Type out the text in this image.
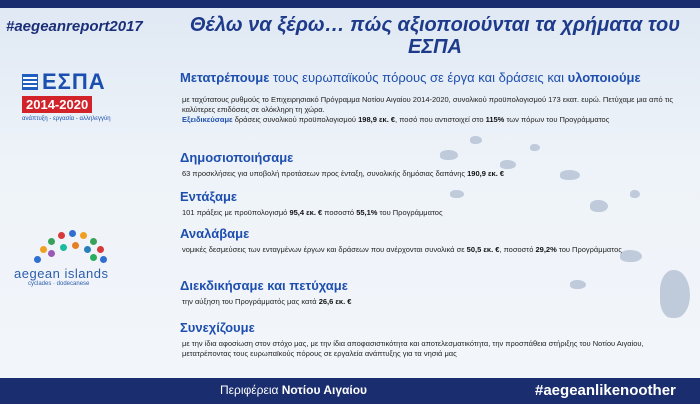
#aegeanreport2017	Θέλω να ξέρω… πώς αξιοποιούνται τα χρήματα του ΕΣΠΑ
ΕΣΠΑ
2014-2020
ανάπτυξη - εργασία - αλληλεγγύη
aegean islands
cyclades · dodecanese

Μετατρέπουμε τους ευρωπαϊκούς πόρους σε έργα και δράσεις και υλοποιούμε

με ταχύτατους ρυθμούς το Επιχειρησιακό Πρόγραμμα Νοτίου Αιγαίου 2014-2020, συνολικού προϋπολογισμού 173 εκατ. ευρώ. Πετύχαμε μια από τις καλύτερες επιδόσεις σε ολόκληρη τη χώρα.

Εξειδικεύσαμε δράσεις συνολικού προϋπολογισμού 198,9 εκ. €, ποσό που αντιστοιχεί στο 115% των πόρων του Προγράμματος

Δημοσιοποιήσαμε

63 προσκλήσεις για υποβολή προτάσεων προς ένταξη, συνολικής δημόσιας δαπάνης 190,9 εκ. €

Εντάξαμε

101 πράξεις με προϋπολογισμό 95,4 εκ. € ποσοστό 55,1% του Προγράμματος

Αναλάβαμε

νομικές δεσμεύσεις των ενταγμένων έργων και δράσεων που ανέρχονται συνολικά σε 50,5 εκ. €, ποσοστό 29,2% του Προγράμματος

Διεκδικήσαμε και πετύχαμε

την αύξηση του Προγράμματός μας κατά 26,6 εκ. €

Συνεχίζουμε

με την ίδια αφοσίωση στον στόχο μας, με την ίδια αποφασιστικότητα και αποτελεσματικότητα, την προσπάθεια στήριξης του Νοτίου Αιγαίου, μετατρέποντας τους ευρωπαϊκούς πόρους σε εργαλεία ανάπτυξης για τα νησιά μας

Περιφέρεια Νοτίου Αιγαίου	#aegeanlikenoother
